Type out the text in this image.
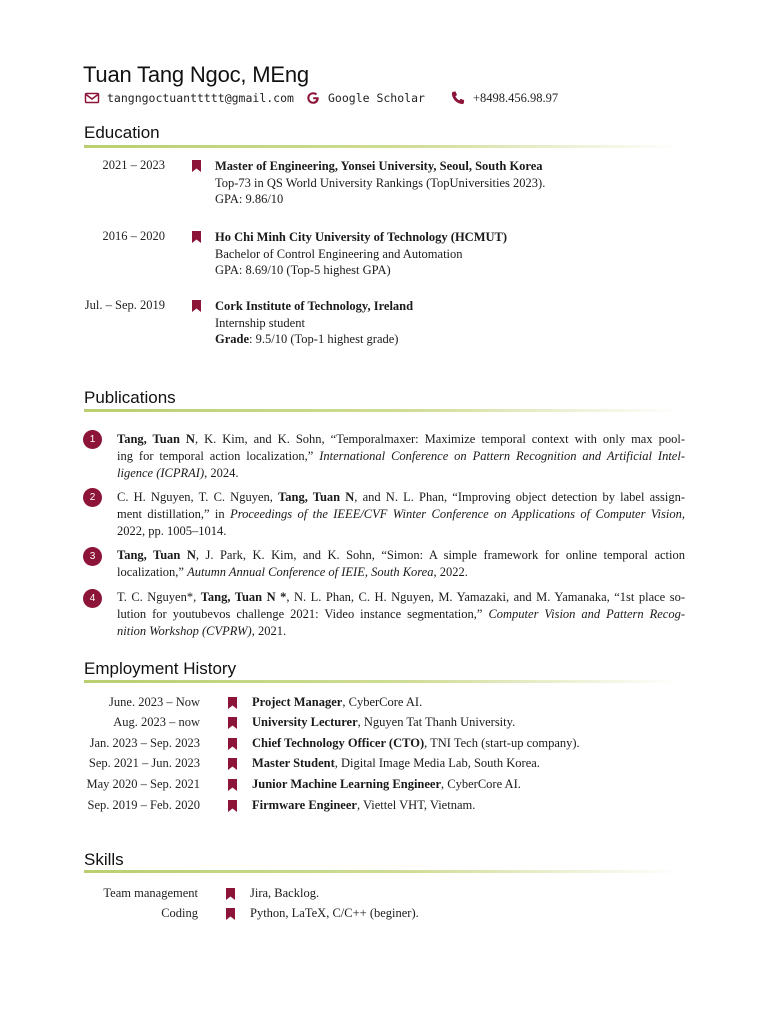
Tuan Tang Ngoc, MEng
tangngoctuanttttt@gmail.com	Google Scholar	+8498.456.98.97
Education
2021 – 2023	Master of Engineering, Yonsei University, Seoul, South Korea
Top-73 in QS World University Rankings (TopUniversities 2023).
GPA: 9.86/10
2016 – 2020	Ho Chi Minh City University of Technology (HCMUT)
Bachelor of Control Engineering and Automation
GPA: 8.69/10 (Top-5 highest GPA)
Jul. – Sep. 2019	Cork Institute of Technology, Ireland
Internship student
Grade: 9.5/10 (Top-1 highest grade)
Publications
1	Tang, Tuan N, K. Kim, and K. Sohn, “Temporalmaxer: Maximize temporal context with only max pool-
ing for temporal action localization,” International Conference on Pattern Recognition and Artificial Intel-
ligence (ICPRAI), 2024.
2	C. H. Nguyen, T. C. Nguyen, Tang, Tuan N, and N. L. Phan, “Improving object detection by label assign-
ment distillation,” in Proceedings of the IEEE/CVF Winter Conference on Applications of Computer Vision,
2022, pp. 1005–1014.
3	Tang, Tuan N, J. Park, K. Kim, and K. Sohn, “Simon: A simple framework for online temporal action
localization,” Autumn Annual Conference of IEIE, South Korea, 2022.
4	T. C. Nguyen*, Tang, Tuan N *, N. L. Phan, C. H. Nguyen, M. Yamazaki, and M. Yamanaka, “1st place so-
lution for youtubevos challenge 2021: Video instance segmentation,” Computer Vision and Pattern Recog-
nition Workshop (CVPRW), 2021.
Employment History
June. 2023 – Now	Project Manager, CyberCore AI.
Aug. 2023 – now	University Lecturer, Nguyen Tat Thanh University.
Jan. 2023 – Sep. 2023	Chief Technology Officer (CTO), TNI Tech (start-up company).
Sep. 2021 – Jun. 2023	Master Student, Digital Image Media Lab, South Korea.
May 2020 – Sep. 2021	Junior Machine Learning Engineer, CyberCore AI.
Sep. 2019 – Feb. 2020	Firmware Engineer, Viettel VHT, Vietnam.
Skills
Team management	Jira, Backlog.
Coding	Python, LaTeX, C/C++ (beginer).
